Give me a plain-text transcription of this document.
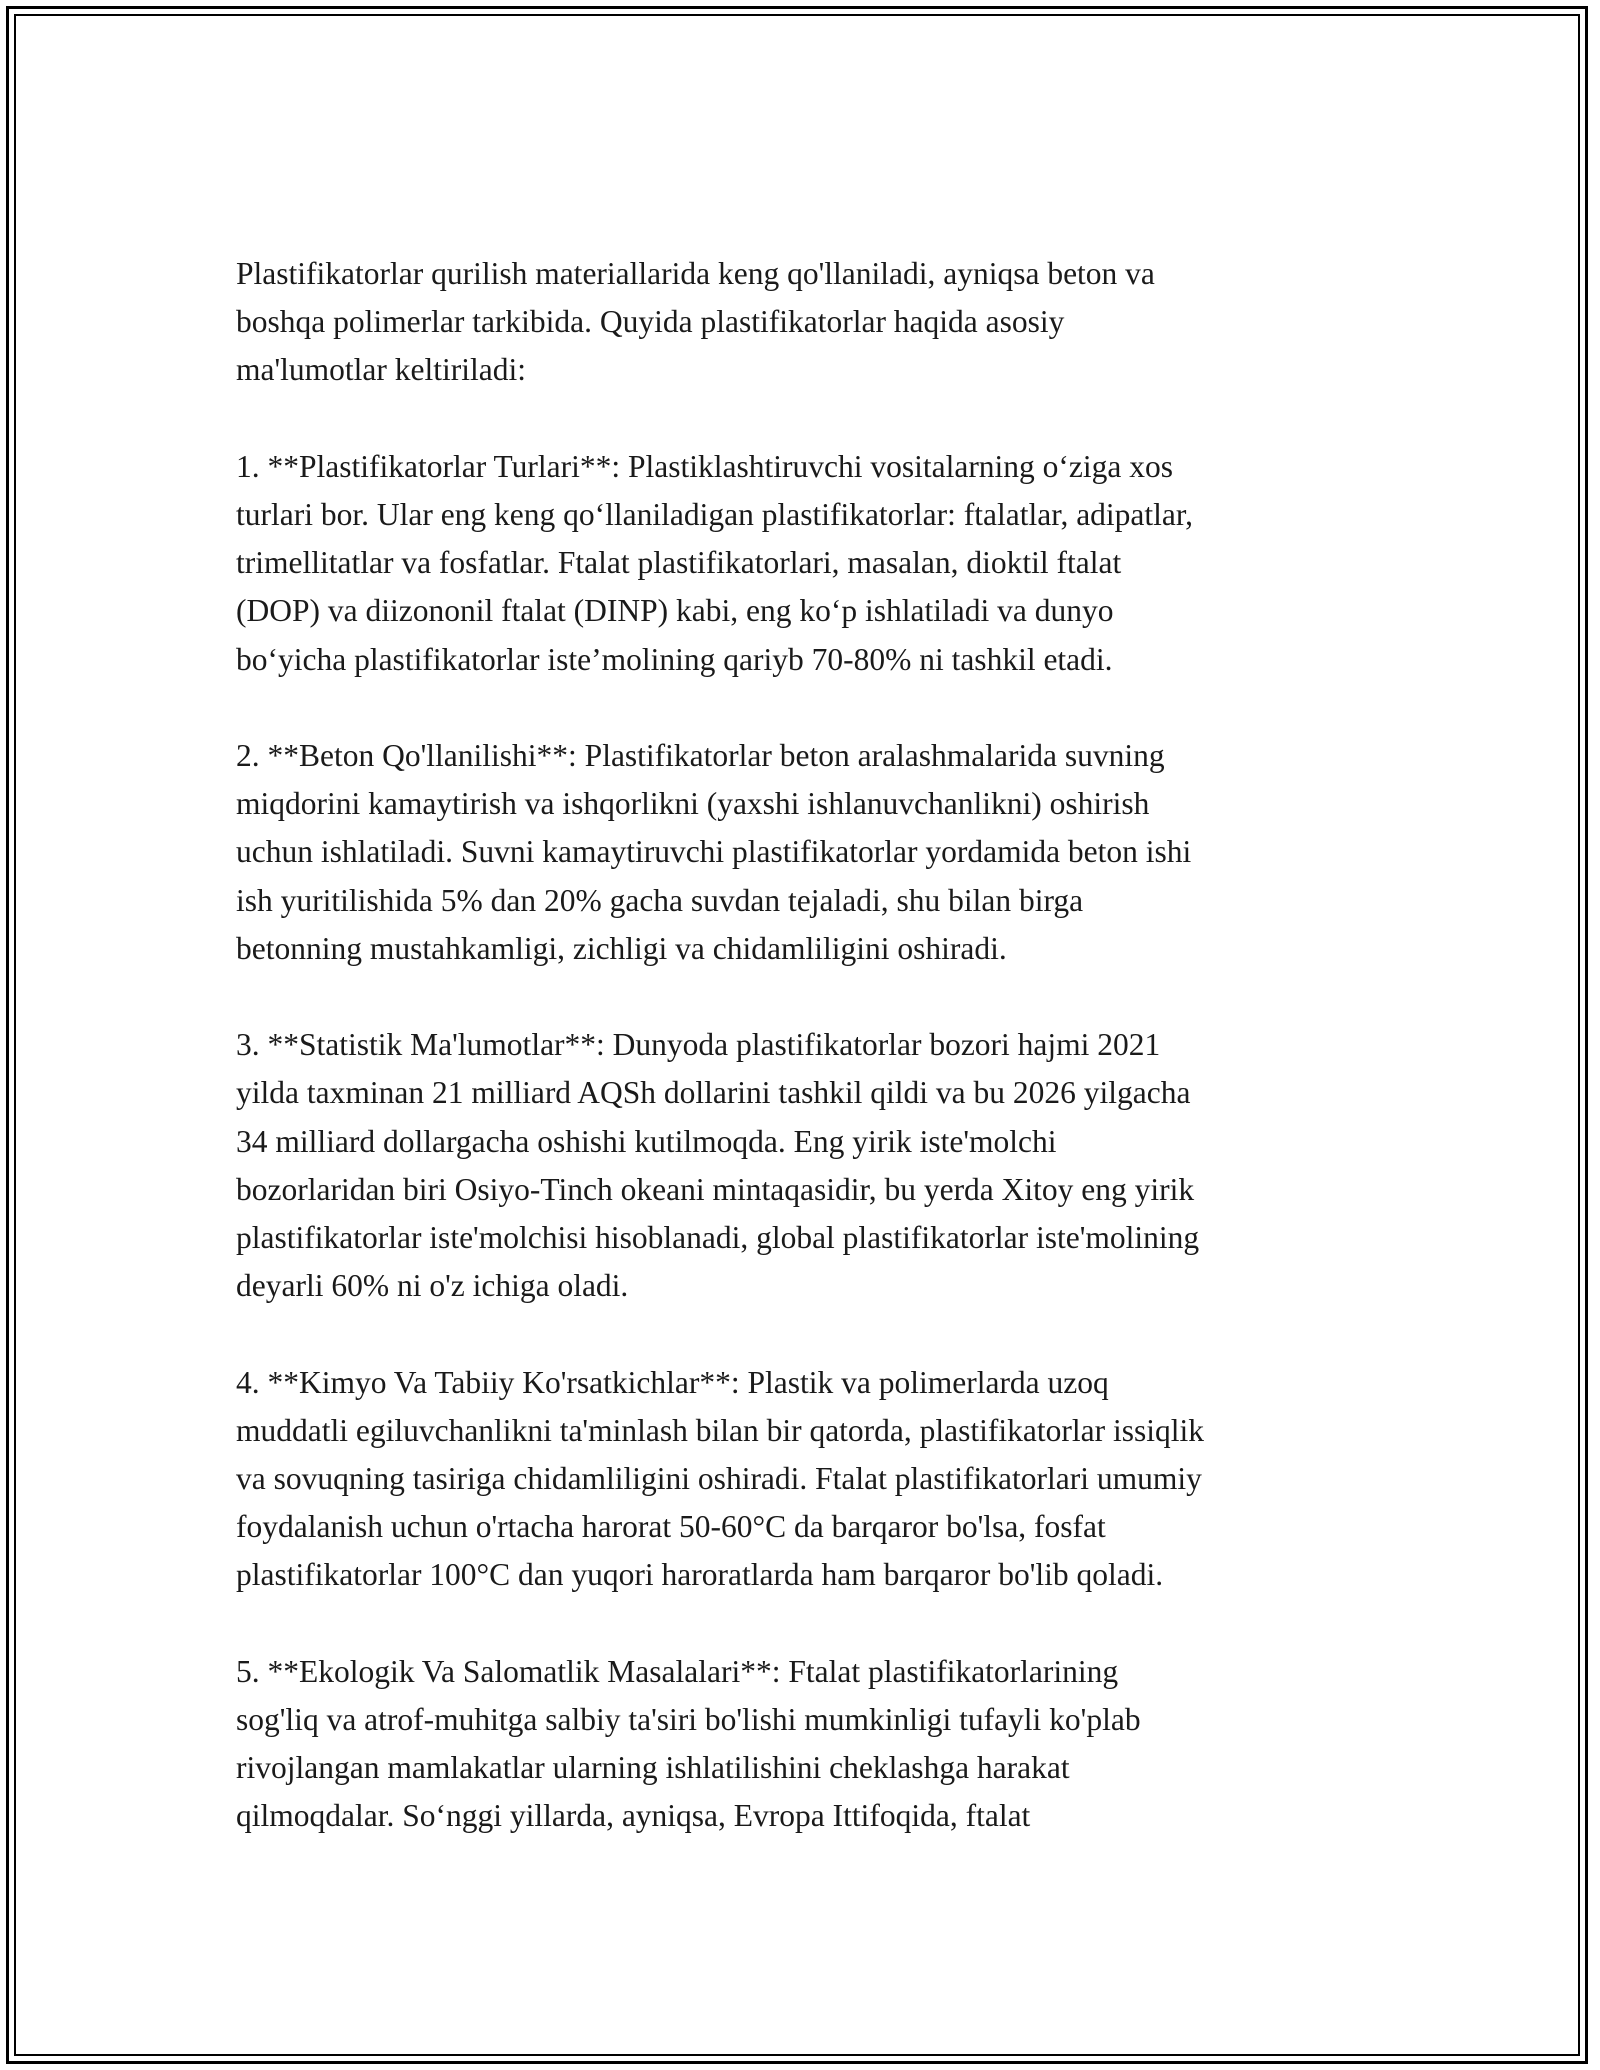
Plastifikatorlar qurilish materiallarida keng qo'llaniladi, ayniqsa beton va
boshqa polimerlar tarkibida. Quyida plastifikatorlar haqida asosiy
ma'lumotlar keltiriladi:

1. **Plastifikatorlar Turlari**: Plastiklashtiruvchi vositalarning o‘ziga xos
turlari bor. Ular eng keng qo‘llaniladigan plastifikatorlar: ftalatlar, adipatlar,
trimellitatlar va fosfatlar. Ftalat plastifikatorlari, masalan, dioktil ftalat
(DOP) va diizononil ftalat (DINP) kabi, eng ko‘p ishlatiladi va dunyo
bo‘yicha plastifikatorlar iste’molining qariyb 70-80% ni tashkil etadi.

2. **Beton Qo'llanilishi**: Plastifikatorlar beton aralashmalarida suvning
miqdorini kamaytirish va ishqorlikni (yaxshi ishlanuvchanlikni) oshirish
uchun ishlatiladi. Suvni kamaytiruvchi plastifikatorlar yordamida beton ishi
ish yuritilishida 5% dan 20% gacha suvdan tejaladi, shu bilan birga
betonning mustahkamligi, zichligi va chidamliligini oshiradi.

3. **Statistik Ma'lumotlar**: Dunyoda plastifikatorlar bozori hajmi 2021
yilda taxminan 21 milliard AQSh dollarini tashkil qildi va bu 2026 yilgacha
34 milliard dollargacha oshishi kutilmoqda. Eng yirik iste'molchi
bozorlaridan biri Osiyo-Tinch okeani mintaqasidir, bu yerda Xitoy eng yirik
plastifikatorlar iste'molchisi hisoblanadi, global plastifikatorlar iste'molining
deyarli 60% ni o'z ichiga oladi.

4. **Kimyo Va Tabiiy Ko'rsatkichlar**: Plastik va polimerlarda uzoq
muddatli egiluvchanlikni ta'minlash bilan bir qatorda, plastifikatorlar issiqlik
va sovuqning tasiriga chidamliligini oshiradi. Ftalat plastifikatorlari umumiy
foydalanish uchun o'rtacha harorat 50-60°C da barqaror bo'lsa, fosfat
plastifikatorlar 100°C dan yuqori haroratlarda ham barqaror bo'lib qoladi.

5. **Ekologik Va Salomatlik Masalalari**: Ftalat plastifikatorlarining
sog'liq va atrof-muhitga salbiy ta'siri bo'lishi mumkinligi tufayli ko'plab
rivojlangan mamlakatlar ularning ishlatilishini cheklashga harakat
qilmoqdalar. So‘nggi yillarda, ayniqsa, Evropa Ittifoqida, ftalat
